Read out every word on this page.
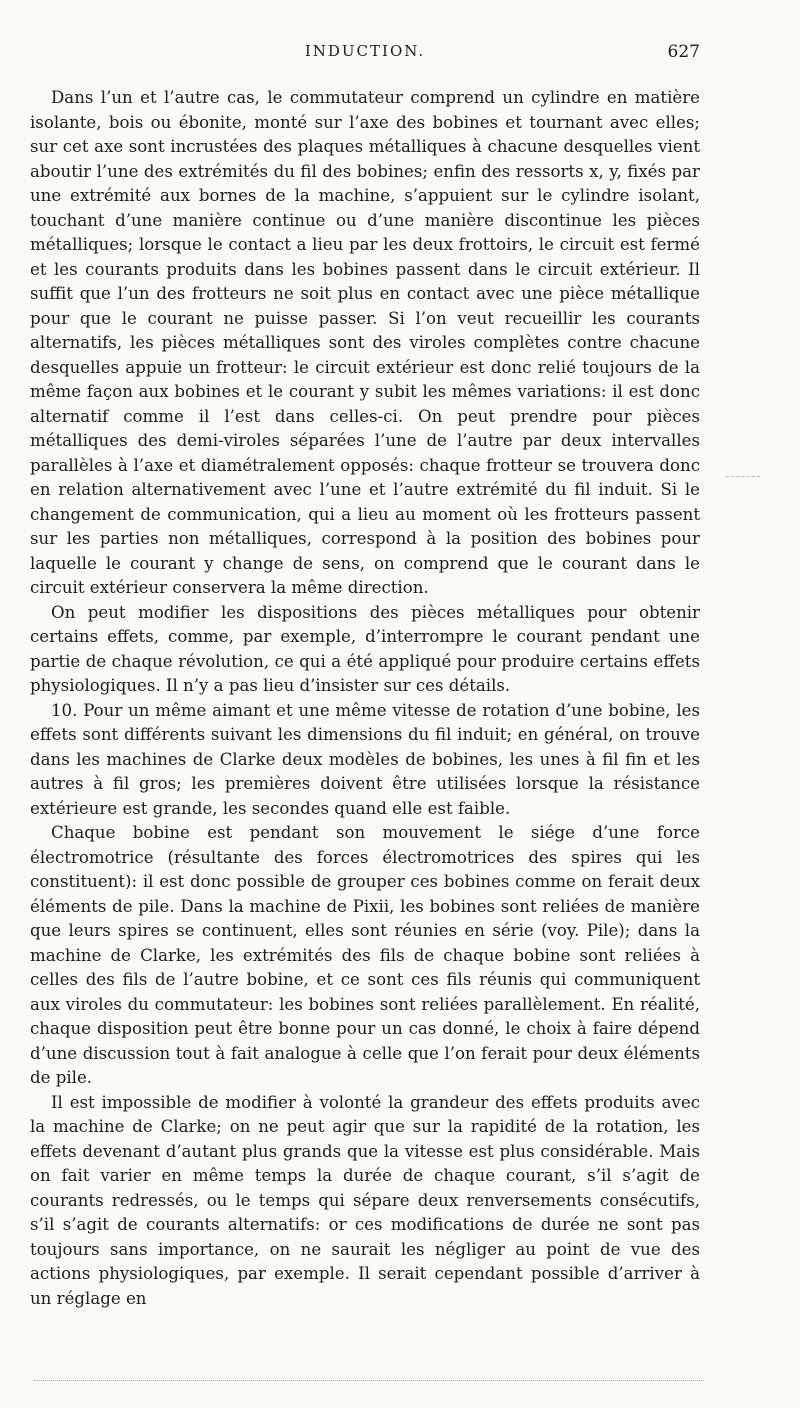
INDUCTION.	627

Dans l’un et l’autre cas, le commutateur comprend un cylindre en matière isolante, bois ou ébonite, monté sur l’axe des bobines et tournant avec elles; sur cet axe sont incrustées des plaques métalliques à chacune desquelles vient aboutir l’une des extrémités du fil des bobines; enfin des ressorts x, y, fixés par une extrémité aux bornes de la machine, s’appuient sur le cylindre isolant, touchant d’une manière continue ou d’une manière discontinue les pièces métalliques; lorsque le contact a lieu par les deux frottoirs, le circuit est fermé et les courants produits dans les bobines passent dans le circuit extérieur. Il suffit que l’un des frotteurs ne soit plus en contact avec une pièce métallique pour que le courant ne puisse passer. Si l’on veut recueillir les courants alternatifs, les pièces métalliques sont des viroles complètes contre chacune desquelles appuie un frotteur: le circuit extérieur est donc relié toujours de la même façon aux bobines et le courant y subit les mêmes variations: il est donc alternatif comme il l’est dans celles-ci. On peut prendre pour pièces métalliques des demi-viroles séparées l’une de l’autre par deux intervalles parallèles à l’axe et diamétralement opposés: chaque frotteur se trouvera donc en relation alternativement avec l’une et l’autre extrémité du fil induit. Si le changement de communication, qui a lieu au moment où les frotteurs passent sur les parties non métalliques, correspond à la position des bobines pour laquelle le courant y change de sens, on comprend que le courant dans le circuit extérieur conservera la même direction.

On peut modifier les dispositions des pièces métalliques pour obtenir certains effets, comme, par exemple, d’interrompre le courant pendant une partie de chaque révolution, ce qui a été appliqué pour produire certains effets physiologiques. Il n’y a pas lieu d’insister sur ces détails.

10. Pour un même aimant et une même vitesse de rotation d’une bobine, les effets sont différents suivant les dimensions du fil induit; en général, on trouve dans les machines de Clarke deux modèles de bobines, les unes à fil fin et les autres à fil gros; les premières doivent être utilisées lorsque la résistance extérieure est grande, les secondes quand elle est faible.

Chaque bobine est pendant son mouvement le siége d’une force électromotrice (résultante des forces électromotrices des spires qui les constituent): il est donc possible de grouper ces bobines comme on ferait deux éléments de pile. Dans la machine de Pixii, les bobines sont reliées de manière que leurs spires se continuent, elles sont réunies en série (voy. Pile); dans la machine de Clarke, les extrémités des fils de chaque bobine sont reliées à celles des fils de l’autre bobine, et ce sont ces fils réunis qui communiquent aux viroles du commutateur: les bobines sont reliées parallèlement. En réalité, chaque disposition peut être bonne pour un cas donné, le choix à faire dépend d’une discussion tout à fait analogue à celle que l’on ferait pour deux éléments de pile.

Il est impossible de modifier à volonté la grandeur des effets produits avec la machine de Clarke; on ne peut agir que sur la rapidité de la rotation, les effets devenant d’autant plus grands que la vitesse est plus considérable. Mais on fait varier en même temps la durée de chaque courant, s’il s’agit de courants redressés, ou le temps qui sépare deux renversements consécutifs, s’il s’agit de courants alternatifs: or ces modifications de durée ne sont pas toujours sans importance, on ne saurait les négliger au point de vue des actions physiologiques, par exemple. Il serait cependant possible d’arriver à un réglage en
